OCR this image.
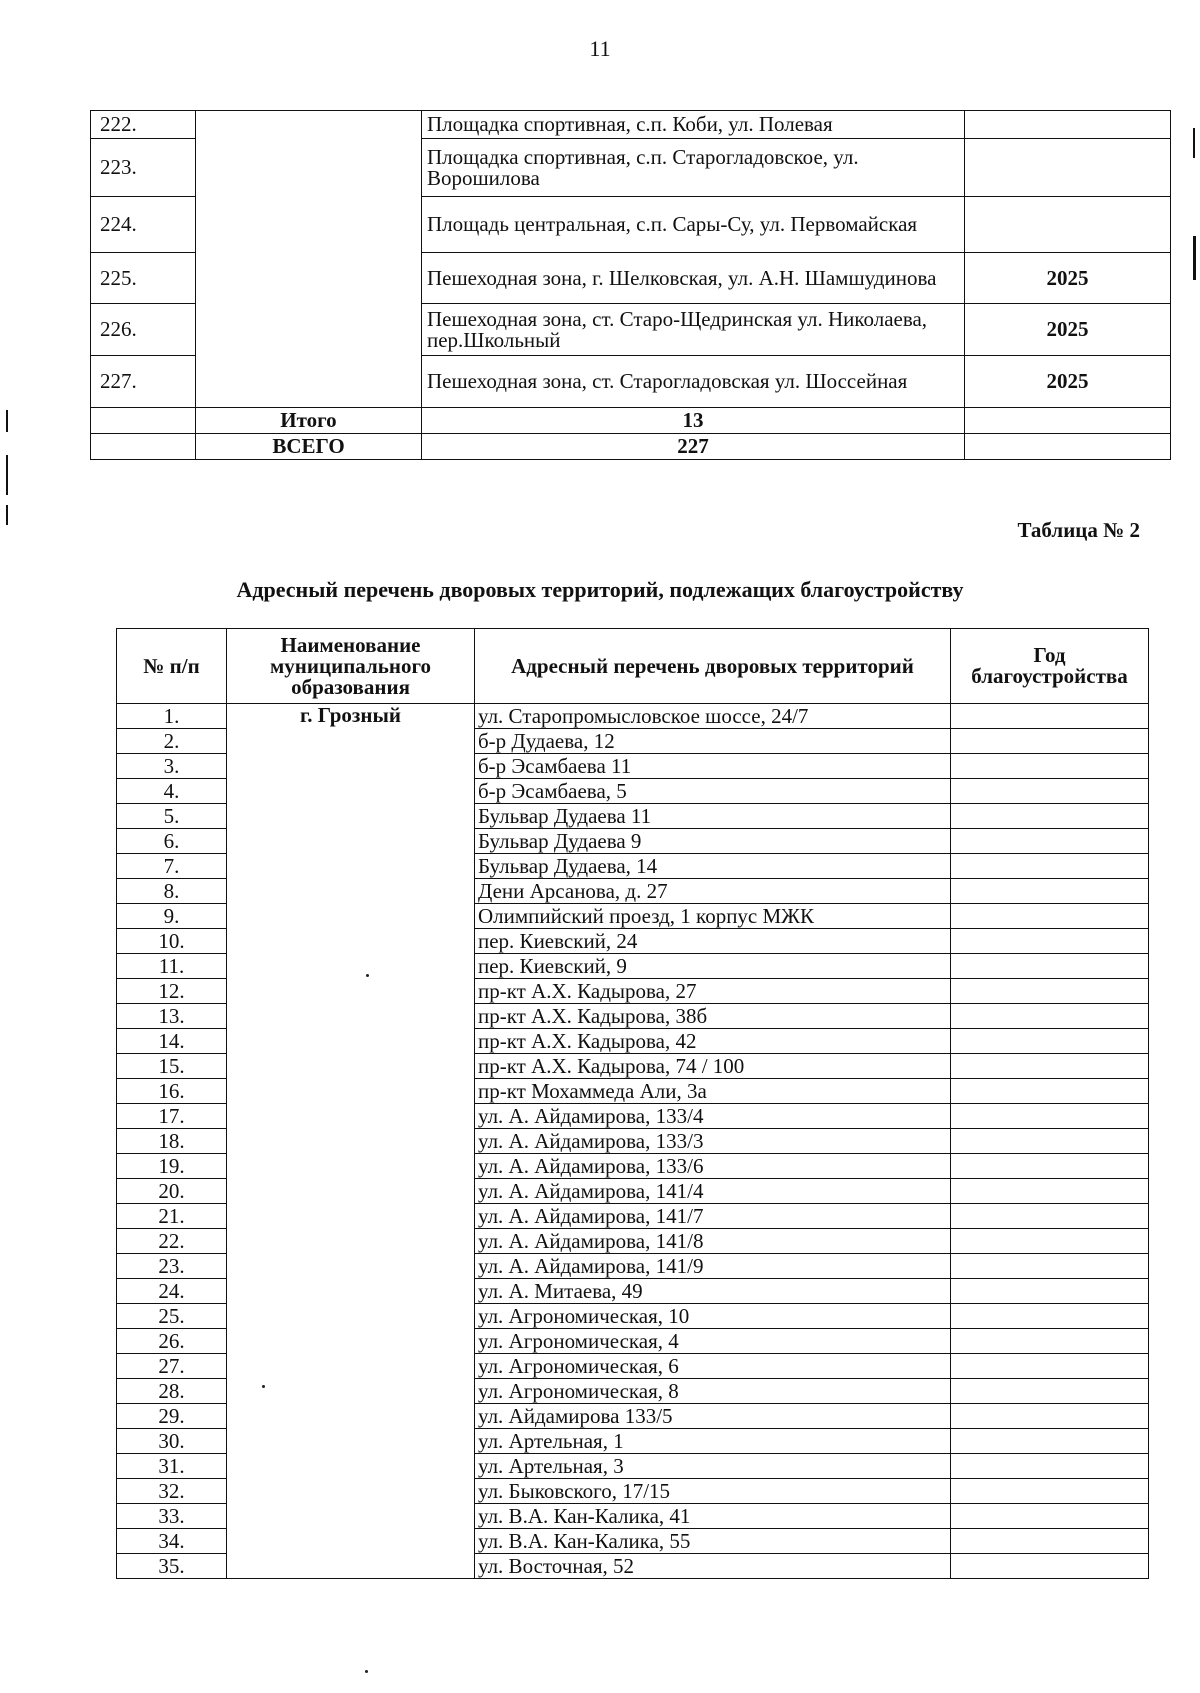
11
222.		Площадка спортивная, с.п. Коби, ул. Полевая	
223.		Площадка спортивная, с.п. Старогладовское, ул. Ворошилова	
224.		Площадь центральная, с.п. Сары-Су, ул. Первомайская	
225.		Пешеходная зона, г. Шелковская, ул. А.Н. Шамшудинова	2025
226.		Пешеходная зона, ст. Старо-Щедринская ул. Николаева, пер.Школьный	2025
227.		Пешеходная зона, ст. Старогладовская ул. Шоссейная	2025
	Итого	13	
	ВСЕГО	227	
Таблица № 2
Адресный перечень дворовых территорий, подлежащих благоустройству
№ п/п	Наименование муниципального образования	Адресный перечень дворовых территорий	Год благоустройства
1.	г. Грозный	ул. Старопромысловское шоссе, 24/7	
2.		б-р Дудаева, 12	
3.		б-р Эсамбаева 11	
4.		б-р Эсамбаева, 5	
5.		Бульвар Дудаева 11	
6.		Бульвар Дудаева 9	
7.		Бульвар Дудаева, 14	
8.		Дени Арсанова, д. 27	
9.		Олимпийский проезд, 1 корпус МЖК	
10.		пер. Киевский, 24	
11.		пер. Киевский, 9	
12.		пр-кт А.Х. Кадырова, 27	
13.		пр-кт А.Х. Кадырова, 38б	
14.		пр-кт А.Х. Кадырова, 42	
15.		пр-кт А.Х. Кадырова, 74 / 100	
16.		пр-кт Мохаммеда Али, 3а	
17.		ул. А. Айдамирова, 133/4	
18.		ул. А. Айдамирова, 133/3	
19.		ул. А. Айдамирова, 133/6	
20.		ул. А. Айдамирова, 141/4	
21.		ул. А. Айдамирова, 141/7	
22.		ул. А. Айдамирова, 141/8	
23.		ул. А. Айдамирова, 141/9	
24.		ул. А. Митаева, 49	
25.		ул. Агрономическая, 10	
26.		ул. Агрономическая, 4	
27.		ул. Агрономическая, 6	
28.		ул. Агрономическая, 8	
29.		ул. Айдамирова 133/5	
30.		ул. Артельная, 1	
31.		ул. Артельная, 3	
32.		ул. Быковского, 17/15	
33.		ул. В.А. Кан-Калика, 41	
34.		ул. В.А. Кан-Калика, 55	
35.		ул. Восточная, 52	
